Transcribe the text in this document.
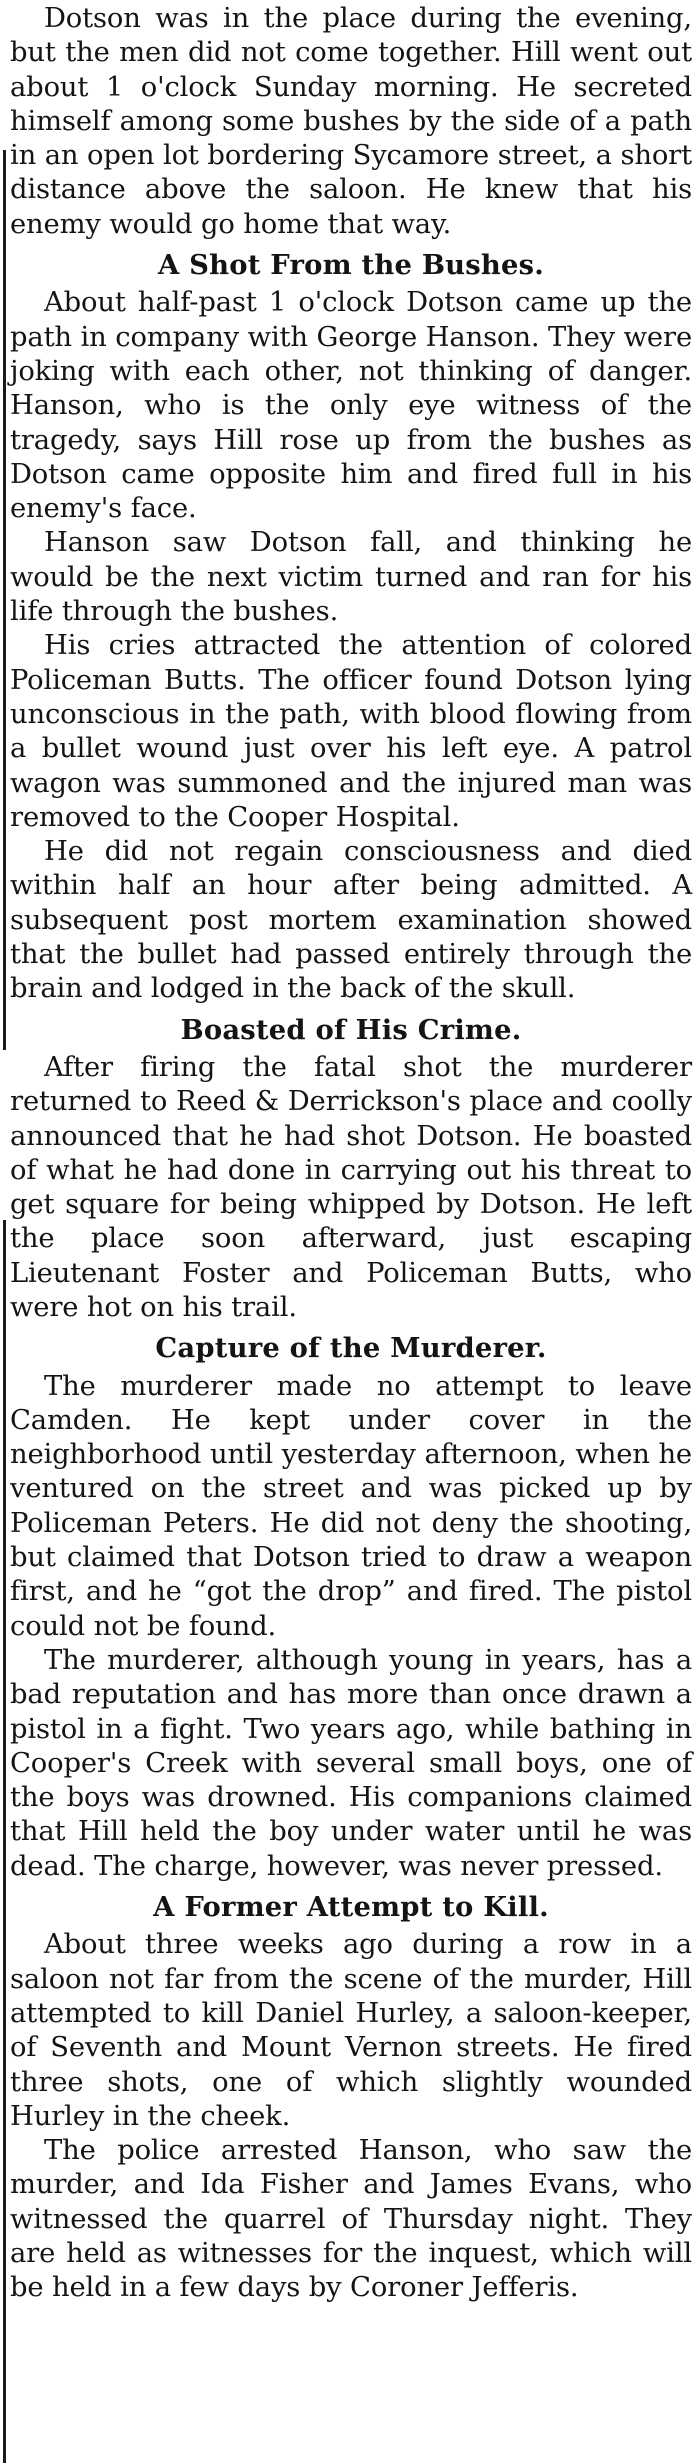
Dotson was in the place during the evening, but the men did not come together. Hill went out about 1 o'clock Sunday morning. He secreted himself among some bushes by the side of a path in an open lot bordering Sycamore street, a short distance above the saloon. He knew that his enemy would go home that way.

A Shot From the Bushes.

About half-past 1 o'clock Dotson came up the path in company with George Hanson. They were joking with each other, not thinking of danger. Hanson, who is the only eye witness of the tragedy, says Hill rose up from the bushes as Dotson came opposite him and fired full in his enemy's face.

Hanson saw Dotson fall, and thinking he would be the next victim turned and ran for his life through the bushes.

His cries attracted the attention of colored Policeman Butts. The officer found Dotson lying unconscious in the path, with blood flowing from a bullet wound just over his left eye. A patrol wagon was summoned and the injured man was removed to the Cooper Hospital.

He did not regain consciousness and died within half an hour after being admitted. A subsequent post mortem examination showed that the bullet had passed entirely through the brain and lodged in the back of the skull.

Boasted of His Crime.

After firing the fatal shot the murderer returned to Reed & Derrickson's place and coolly announced that he had shot Dotson. He boasted of what he had done in carrying out his threat to get square for being whipped by Dotson. He left the place soon afterward, just escaping Lieutenant Foster and Policeman Butts, who were hot on his trail.

Capture of the Murderer.

The murderer made no attempt to leave Camden. He kept under cover in the neighborhood until yesterday afternoon, when he ventured on the street and was picked up by Policeman Peters. He did not deny the shooting, but claimed that Dotson tried to draw a weapon first, and he “got the drop” and fired. The pistol could not be found.

The murderer, although young in years, has a bad reputation and has more than once drawn a pistol in a fight. Two years ago, while bathing in Cooper's Creek with several small boys, one of the boys was drowned. His companions claimed that Hill held the boy under water until he was dead. The charge, however, was never pressed.

A Former Attempt to Kill.

About three weeks ago during a row in a saloon not far from the scene of the murder, Hill attempted to kill Daniel Hurley, a saloon-keeper, of Seventh and Mount Vernon streets. He fired three shots, one of which slightly wounded Hurley in the cheek.

The police arrested Hanson, who saw the murder, and Ida Fisher and James Evans, who witnessed the quarrel of Thursday night. They are held as witnesses for the inquest, which will be held in a few days by Coroner Jefferis.
